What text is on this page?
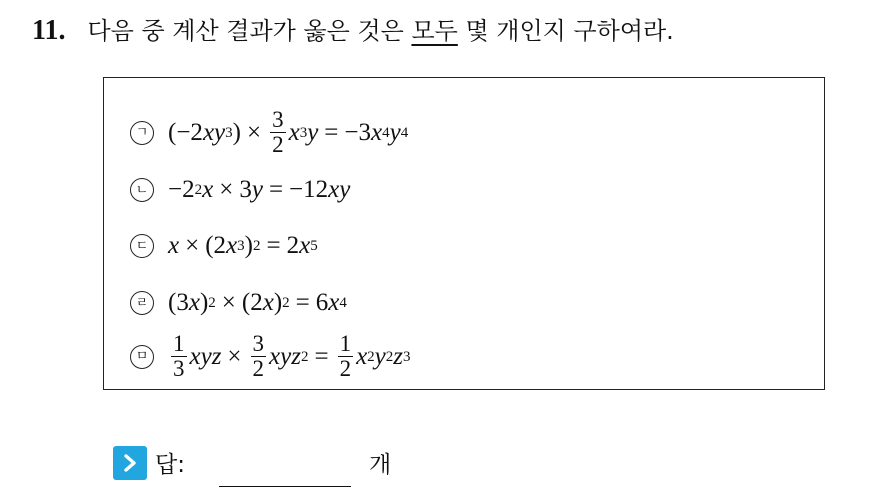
11. 다음 중 계산 결과가 옳은 것은 모두 몇 개인지 구하여라.
ㄱ (−2 xy 3 ) × $\frac{3}{2}$ x 3 y = −3 x 4 y 4
ㄴ −2 2 x × 3 y = −12 xy
ㄷ x × (2 x 3 ) 2 = 2 x 5
ㄹ (3 x ) 2 × (2 x ) 2 = 6 x 4
ㅁ $\frac{1}{3}$ xyz × $\frac{3}{2}$ xyz $2 = \frac{1}{2}$ x 2 y 2 z 3
답:	개
